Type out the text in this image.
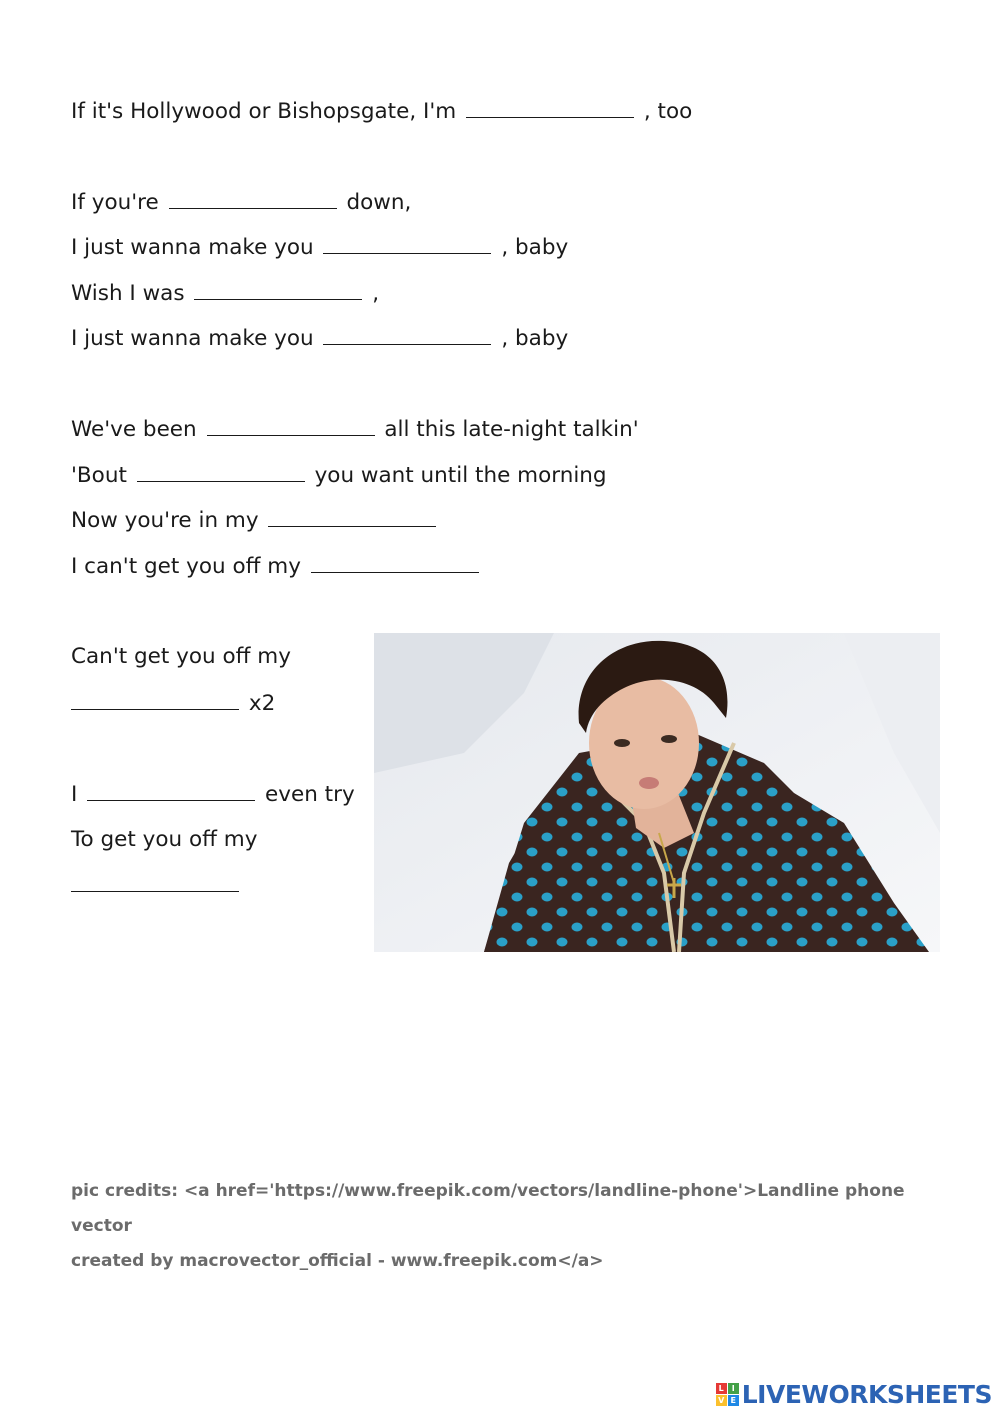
If it's Hollywood or Bishopsgate, I'm	, too
If you're	down,
I just wanna make you	, baby
Wish I was	,
I just wanna make you	, baby
We've been	all this late-night talkin'
'Bout	you want until the morning
Now you're in my
I can't get you off my
Can't get you off my
x2
I	even try
To get you off my
pic credits: <a href='https://www.freepik.com/vectors/landline-phone'>Landline phone vector
created by macrovector_official - www.freepik.com</a>
L I
V E LIVEWORKSHEETS
